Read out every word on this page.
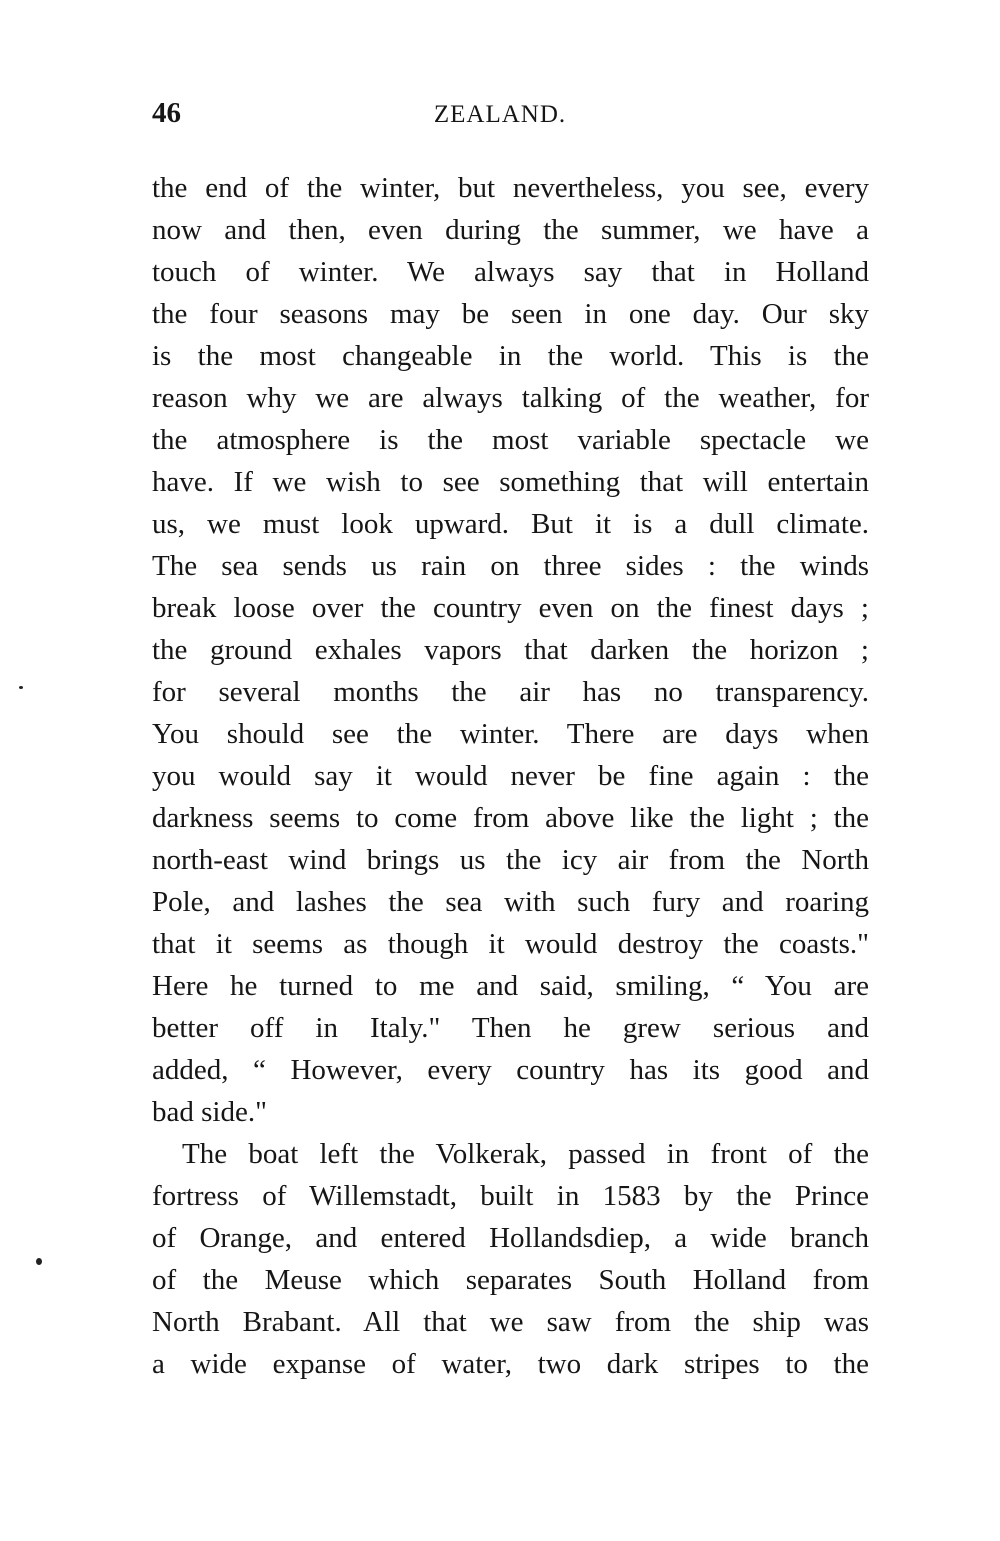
46	ZEALAND.
the end of the winter, but nevertheless, you see, every
now and then, even during the summer, we have a
touch of winter. We always say that in Holland
the four seasons may be seen in one day. Our sky
is the most changeable in the world. This is the
reason why we are always talking of the weather, for
the atmosphere is the most variable spectacle we
have. If we wish to see something that will entertain
us, we must look upward. But it is a dull climate.
The sea sends us rain on three sides : the winds
break loose over the country even on the finest days ;
the ground exhales vapors that darken the horizon ;
for several months the air has no transparency.
You should see the winter. There are days when
you would say it would never be fine again : the
darkness seems to come from above like the light ; the
north-east wind brings us the icy air from the North
Pole, and lashes the sea with such fury and roaring
that it seems as though it would destroy the coasts."
Here he turned to me and said, smiling, “ You are
better off in Italy." Then he grew serious and
added, “ However, every country has its good and
bad side."
The boat left the Volkerak, passed in front of the
fortress of Willemstadt, built in 1583 by the Prince
of Orange, and entered Hollandsdiep, a wide branch
of the Meuse which separates South Holland from
North Brabant. All that we saw from the ship was
a wide expanse of water, two dark stripes to the
